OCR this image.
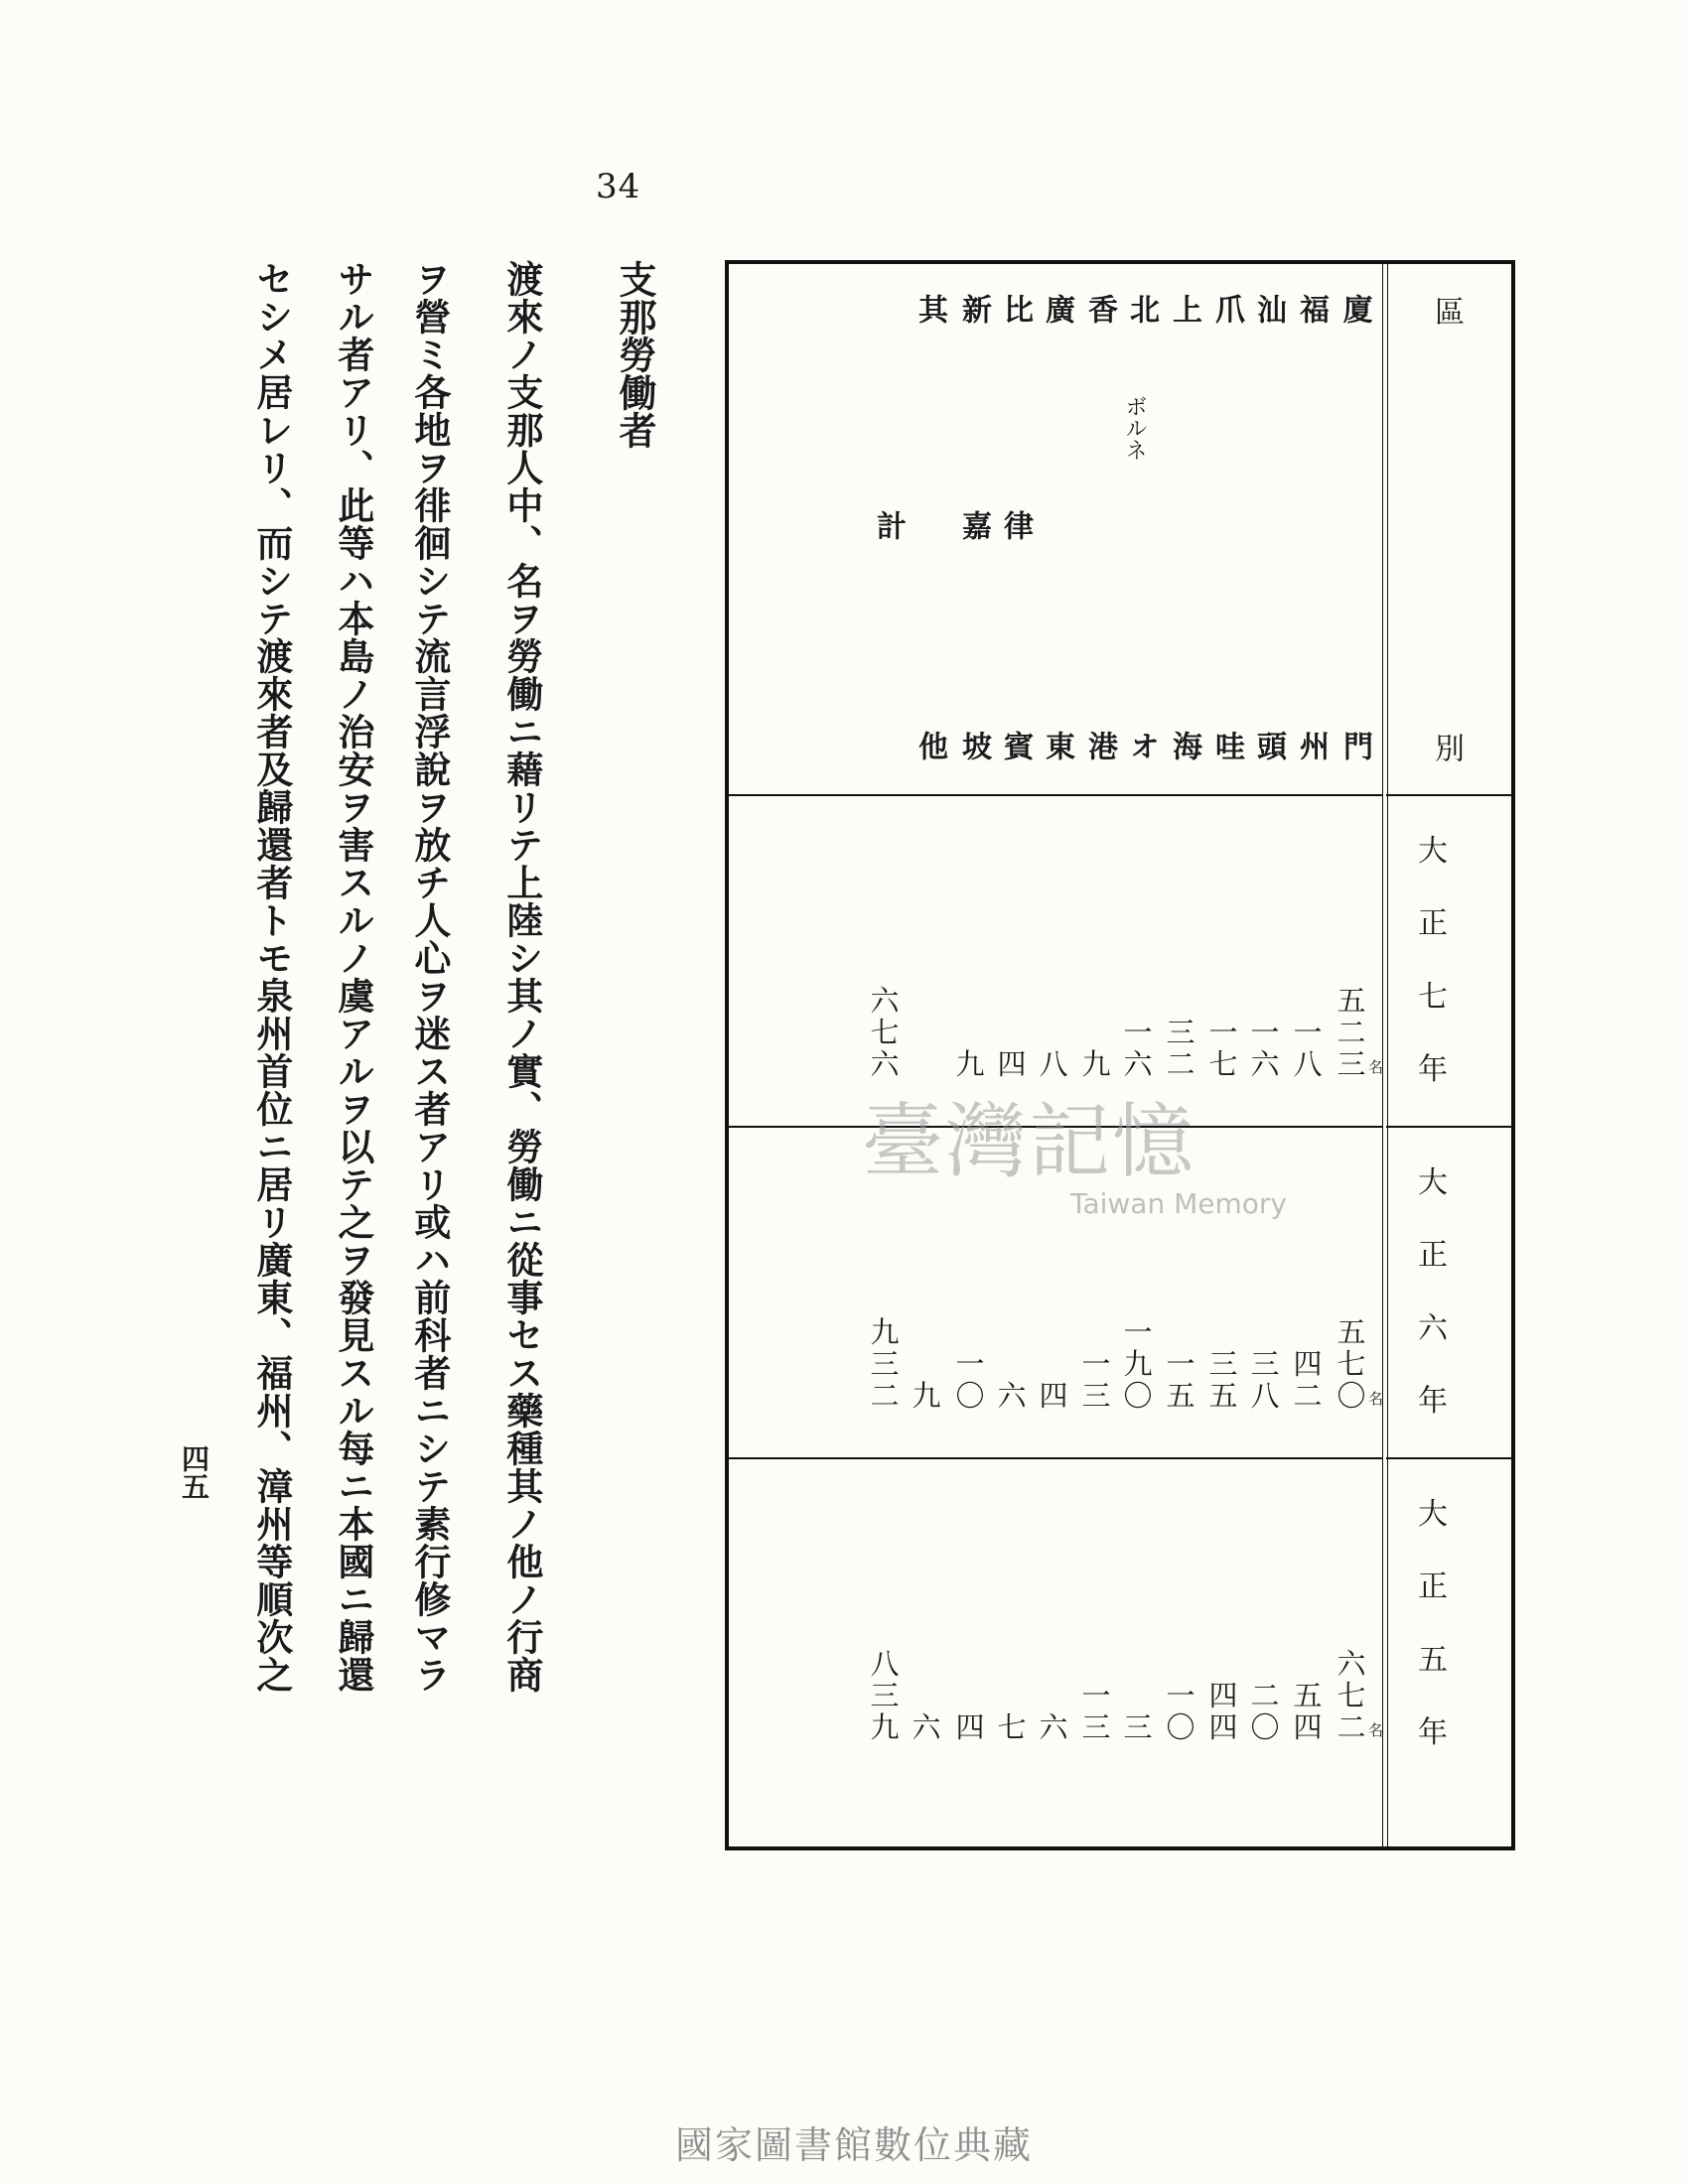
34
區
別
大
正
七
年
大
正
六
年
大
正
五
年
廈
門
福
州
汕
頭
爪
哇
上
海
北
ボルネ
オ
香
港
廣
東
比
律
賓
新
嘉
坡
其
他
計
五
二
三 名
一
八
一
六
一
七
三
二
一
六
九
八
四
九
六
七
六
五
七
〇 名
四
二
三
八
三
五
一
五
一
九
〇
一
三
四
六
一
〇
九
九
三
二
六
七
二 名
五
四
二
〇
四
四
一
〇
三
一
三
六
七
四
六
八
三
九
支那勞働者
渡來ノ支那人中、名ヲ勞働ニ藉リテ上陸シ其ノ實、勞働ニ從事セス藥種其ノ他ノ行商
ヲ營ミ各地ヲ徘徊シテ流言浮說ヲ放チ人心ヲ迷ス者アリ或ハ前科者ニシテ素行修マラ
サル者アリ、此等ハ本島ノ治安ヲ害スルノ虞アルヲ以テ之ヲ發見スル每ニ本國ニ歸還
セシメ居レリ、而シテ渡來者及歸還者トモ泉州首位ニ居リ廣東、福州、漳州等順次之
四五
臺灣記憶
Taiwan Memory
國家圖書館數位典藏
